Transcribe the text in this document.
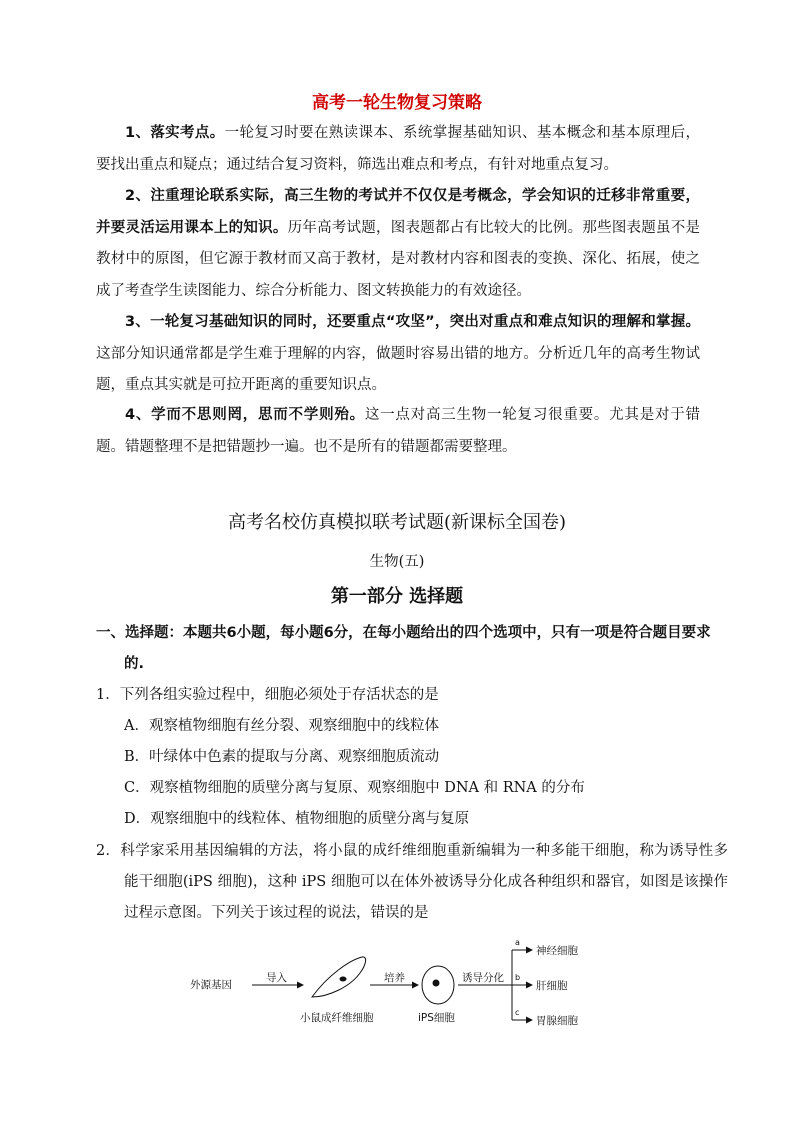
高考一轮生物复习策略

1、落实考点。一轮复习时要在熟读课本、系统掌握基础知识、基本概念和基本原理后，要找出重点和疑点；通过结合复习资料，筛选出难点和考点，有针对地重点复习。

2、注重理论联系实际，高三生物的考试并不仅仅是考概念，学会知识的迁移非常重要，并要灵活运用课本上的知识。历年高考试题，图表题都占有比较大的比例。那些图表题虽不是教材中的原图，但它源于教材而又高于教材，是对教材内容和图表的变换、深化、拓展，使之成了考查学生读图能力、综合分析能力、图文转换能力的有效途径。

3、一轮复习基础知识的同时，还要重点“攻坚”，突出对重点和难点知识的理解和掌握。这部分知识通常都是学生难于理解的内容，做题时容易出错的地方。分析近几年的高考生物试题，重点其实就是可拉开距离的重要知识点。

4、学而不思则罔，思而不学则殆。这一点对高三生物一轮复习很重要。尤其是对于错题。错题整理不是把错题抄一遍。也不是所有的错题都需要整理。

高考名校仿真模拟联考试题(新课标全国卷)
生物(五)
第一部分 选择题

一、选择题：本题共6小题，每小题6分，在每小题给出的四个选项中，只有一项是符合题目要求的.

1．下列各组实验过程中，细胞必须处于存活状态的是

A．观察植物细胞有丝分裂、观察细胞中的线粒体
B．叶绿体中色素的提取与分离、观察细胞质流动
C．观察植物细胞的质壁分离与复原、观察细胞中 DNA 和 RNA 的分布
D．观察细胞中的线粒体、植物细胞的质壁分离与复原

2．科学家采用基因编辑的方法，将小鼠的成纤维细胞重新编辑为一种多能干细胞，称为诱导性多能干细胞(iPS 细胞)，这种 iPS 细胞可以在体外被诱导分化成各种组织和器官，如图是该操作过程示意图。下列关于该过程的说法，错误的是

外源基因
导入
小鼠成纤维细胞
培养
iPS细胞
诱导分化
a
b
c
神经细胞
肝细胞
胃腺细胞
